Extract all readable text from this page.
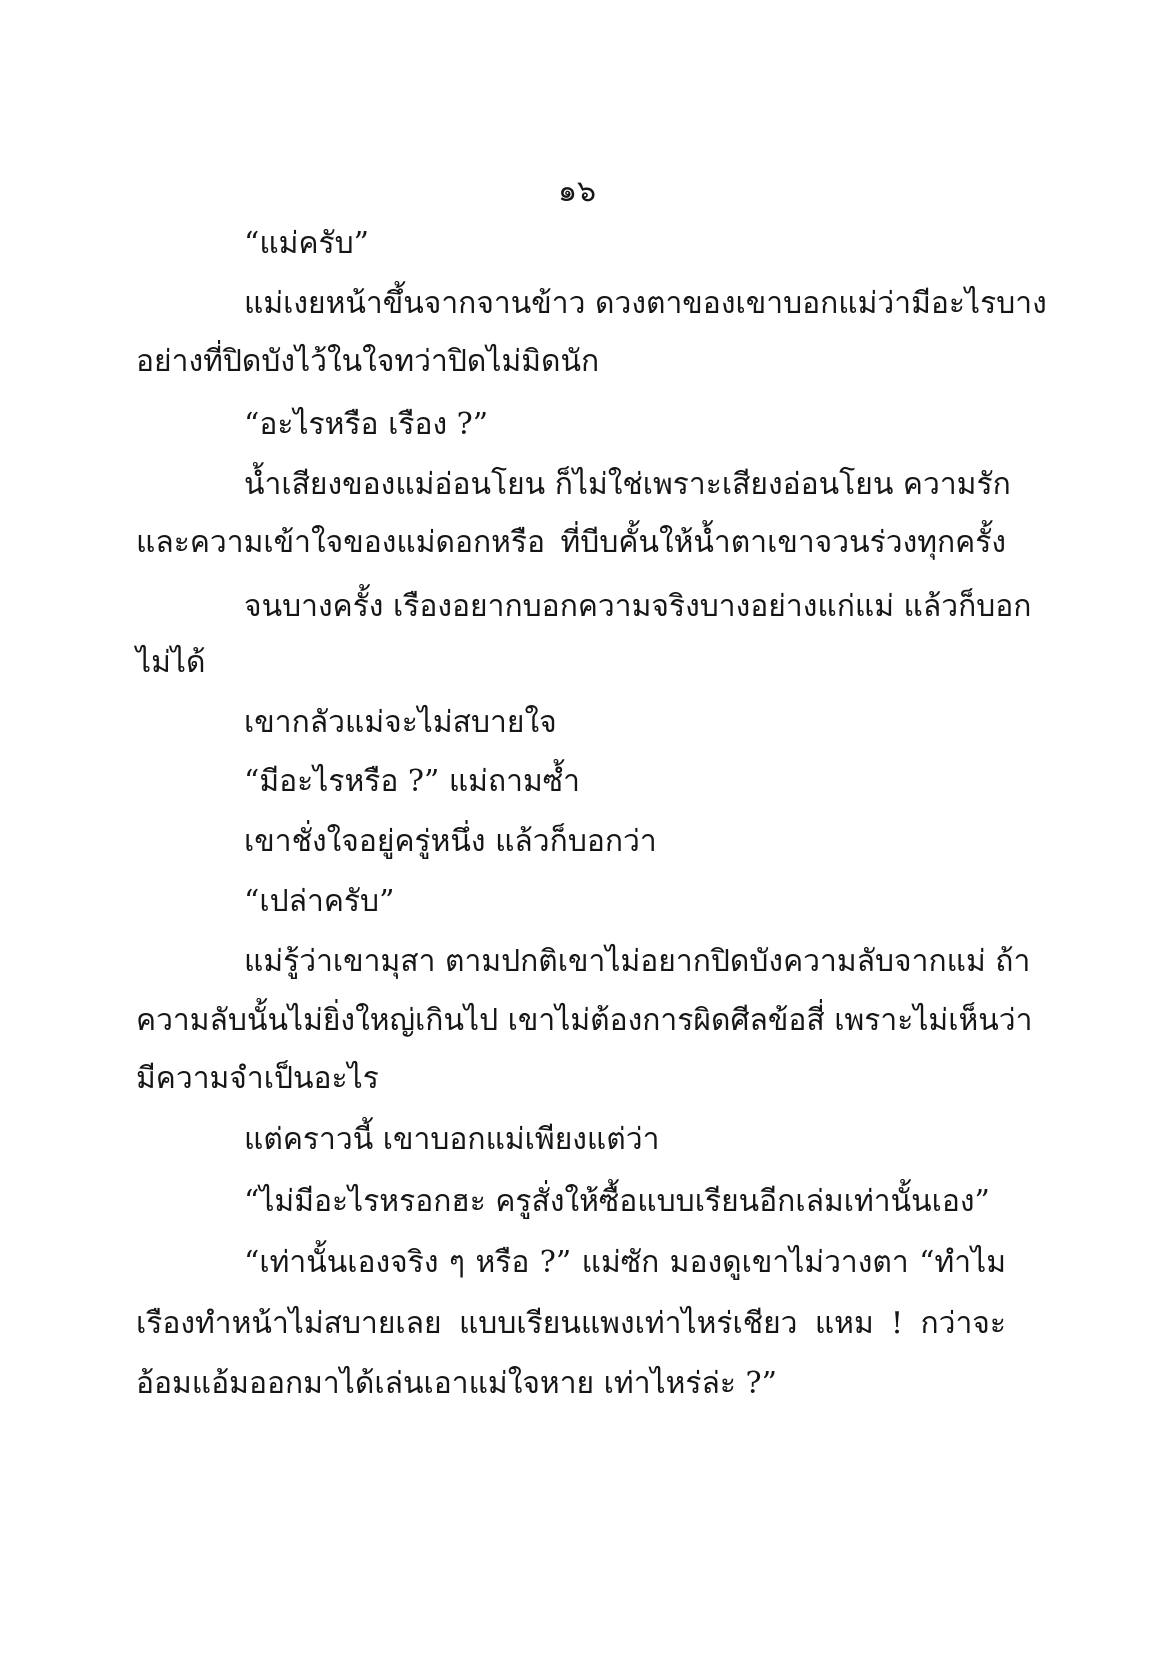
๑๖
“แม่ครับ”
แม่เงยหน้าขึ้นจากจานข้าว ดวงตาของเขาบอกแม่ว่ามีอะไรบาง
อย่างที่ปิดบังไว้ในใจทว่าปิดไม่มิดนัก
“อะไรหรือ เรือง ?”
น้ำเสียงของแม่อ่อนโยน ก็ไม่ใช่เพราะเสียงอ่อนโยน ความรัก
และความเข้าใจของแม่ดอกหรือ ที่บีบคั้นให้น้ำตาเขาจวนร่วงทุกครั้ง
จนบางครั้ง เรืองอยากบอกความจริงบางอย่างแก่แม่ แล้วก็บอก
ไม่ได้
เขากลัวแม่จะไม่สบายใจ
“มีอะไรหรือ ?” แม่ถามซ้ำ
เขาชั่งใจอยู่ครู่หนึ่ง แล้วก็บอกว่า
“เปล่าครับ”
แม่รู้ว่าเขามุสา ตามปกติเขาไม่อยากปิดบังความลับจากแม่ ถ้า
ความลับนั้นไม่ยิ่งใหญ่เกินไป เขาไม่ต้องการผิดศีลข้อสี่ เพราะไม่เห็นว่า
มีความจำเป็นอะไร
แต่คราวนี้ เขาบอกแม่เพียงแต่ว่า
“ไม่มีอะไรหรอกฮะ ครูสั่งให้ซื้อแบบเรียนอีกเล่มเท่านั้นเอง”
“เท่านั้นเองจริง ๆ หรือ ?” แม่ซัก มองดูเขาไม่วางตา “ทำไม
เรืองทำหน้าไม่สบายเลย แบบเรียนแพงเท่าไหร่เชียว แหม ! กว่าจะ
อ้อมแอ้มออกมาได้เล่นเอาแม่ใจหาย เท่าไหร่ล่ะ ?”
